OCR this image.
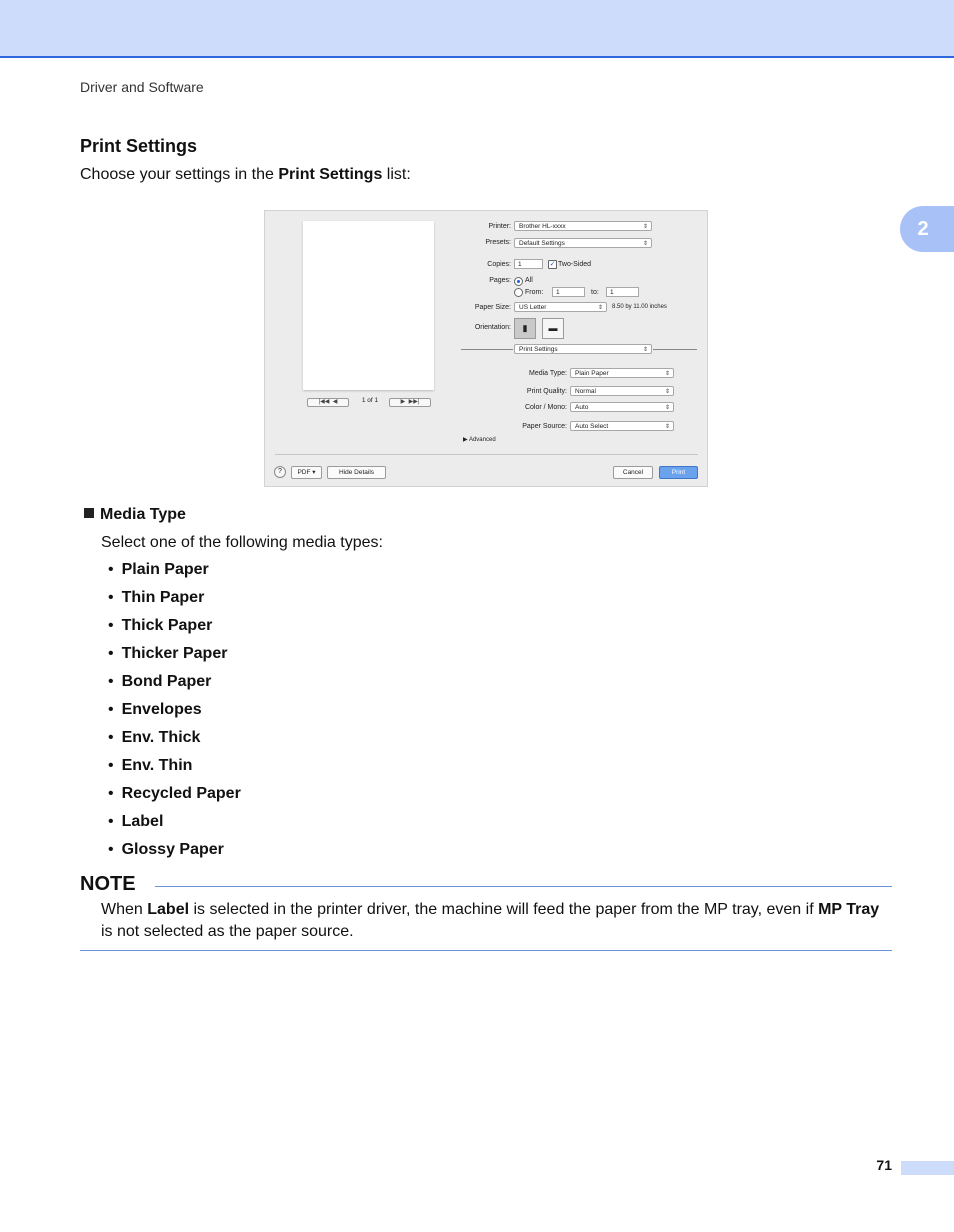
Driver and Software
2
Print Settings
Choose your settings in the Print Settings list:
|◀◀  ◀	1 of 1	▶  ▶▶|
Printer:	Brother HL-xxxx	⇕
Presets:	Default Settings	⇕
Copies:	1	✓ Two-Sided
Pages: All
From:	1	to:	1
Paper Size:	US Letter	⇕ 8.50 by 11.00 inches
Orientation:	▮	▬
Print Settings	⇕
Media Type:	Plain Paper	⇕
Print Quality:	Normal	⇕
Color / Mono:	Auto	⇕
Paper Source:	Auto Select	⇕
▶ Advanced
?	PDF ▾	Hide Details	Cancel	Print
Media Type
Select one of the following media types:
• Plain Paper
• Thin Paper
• Thick Paper
• Thicker Paper
• Bond Paper
• Envelopes
• Env. Thick
• Env. Thin
• Recycled Paper
• Label
• Glossy Paper
NOTE
When Label is selected in the printer driver, the machine will feed the paper from the MP tray, even if MP Tray is not selected as the paper source.
71
